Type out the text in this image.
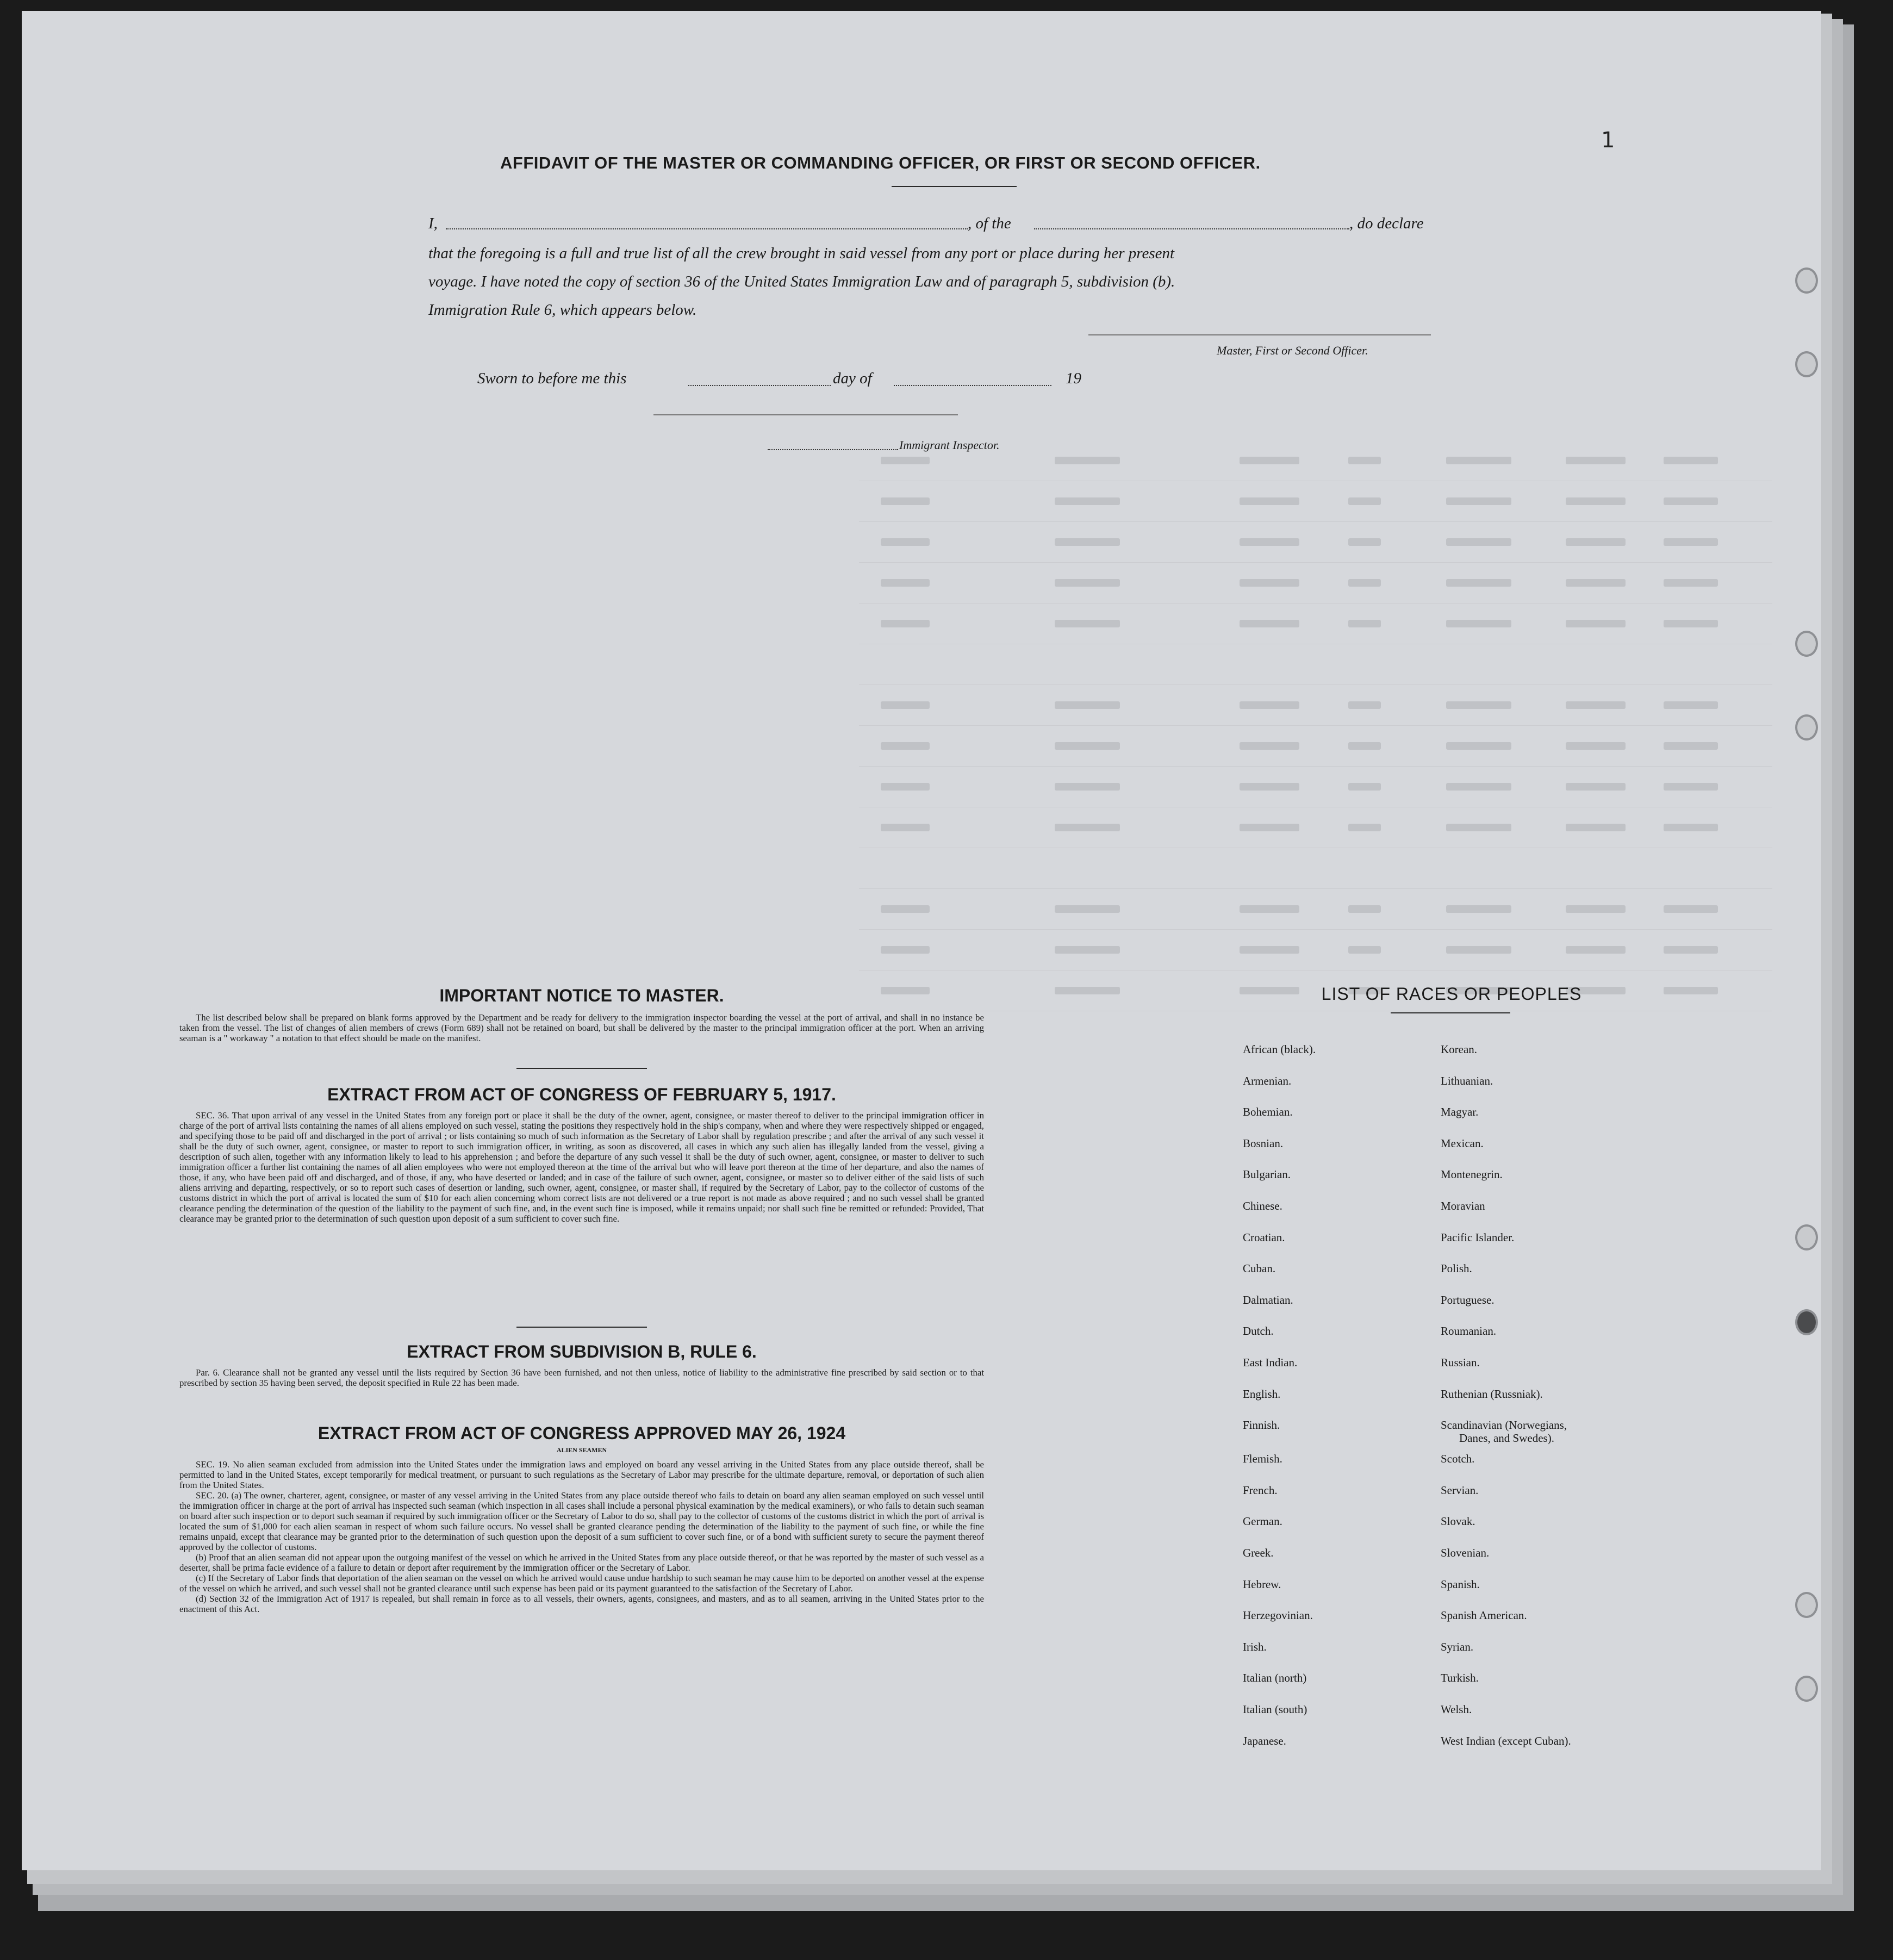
1
AFFIDAVIT OF THE MASTER OR COMMANDING OFFICER, OR FIRST OR SECOND OFFICER.
I,	, of the	, do declare
that the foregoing is a full and true list of all the crew brought in said vessel from any port or place during her present
voyage. I have noted the copy of section 36 of the United States Immigration Law and of paragraph 5, subdivision (b).
Immigration Rule 6, which appears below.
Master, First or Second Officer.
Sworn to before me this	day of	19
Immigrant Inspector.
IMPORTANT NOTICE TO MASTER.

The list described below shall be prepared on blank forms approved by the Department and be ready for delivery to the immigration inspector boarding the vessel at the port of arrival, and shall in no instance be taken from the vessel. The list of changes of alien members of crews (Form 689) shall not be retained on board, but shall be delivered by the master to the principal immigration officer at the port. When an arriving seaman is a " workaway " a notation to that effect should be made on the manifest.

EXTRACT FROM ACT OF CONGRESS OF FEBRUARY 5, 1917.

SEC. 36. That upon arrival of any vessel in the United States from any foreign port or place it shall be the duty of the owner, agent, consignee, or master thereof to deliver to the principal immigration officer in charge of the port of arrival lists containing the names of all aliens employed on such vessel, stating the positions they respectively hold in the ship's company, when and where they were respectively shipped or engaged, and specifying those to be paid off and discharged in the port of arrival ; or lists containing so much of such information as the Secretary of Labor shall by regulation prescribe ; and after the arrival of any such vessel it shall be the duty of such owner, agent, consignee, or master to report to such immigration officer, in writing, as soon as discovered, all cases in which any such alien has illegally landed from the vessel, giving a description of such alien, together with any information likely to lead to his apprehension ; and before the departure of any such vessel it shall be the duty of such owner, agent, consignee, or master to deliver to such immigration officer a further list containing the names of all alien employees who were not employed thereon at the time of the arrival but who will leave port thereon at the time of her departure, and also the names of those, if any, who have been paid off and discharged, and of those, if any, who have deserted or landed; and in case of the failure of such owner, agent, consignee, or master so to deliver either of the said lists of such aliens arriving and departing, respectively, or so to report such cases of desertion or landing, such owner, agent, consignee, or master shall, if required by the Secretary of Labor, pay to the collector of customs of the customs district in which the port of arrival is located the sum of $10 for each alien concerning whom correct lists are not delivered or a true report is not made as above required ; and no such vessel shall be granted clearance pending the determination of the question of the liability to the payment of such fine, and, in the event such fine is imposed, while it remains unpaid; nor shall such fine be remitted or refunded: Provided, That clearance may be granted prior to the determination of such question upon deposit of a sum sufficient to cover such fine.

EXTRACT FROM SUBDIVISION B, RULE 6.

Par. 6. Clearance shall not be granted any vessel until the lists required by Section 36 have been furnished, and not then unless, notice of liability to the administrative fine prescribed by said section or to that prescribed by section 35 having been served, the deposit specified in Rule 22 has been made.

EXTRACT FROM ACT OF CONGRESS APPROVED MAY 26, 1924
ALIEN SEAMEN

SEC. 19. No alien seaman excluded from admission into the United States under the immigration laws and employed on board any vessel arriving in the United States from any place outside thereof, shall be permitted to land in the United States, except temporarily for medical treatment, or pursuant to such regulations as the Secretary of Labor may prescribe for the ultimate departure, removal, or deportation of such alien from the United States.

SEC. 20. (a) The owner, charterer, agent, consignee, or master of any vessel arriving in the United States from any place outside thereof who fails to detain on board any alien seaman employed on such vessel until the immigration officer in charge at the port of arrival has inspected such seaman (which inspection in all cases shall include a personal physical examination by the medical examiners), or who fails to detain such seaman on board after such inspection or to deport such seaman if required by such immigration officer or the Secretary of Labor to do so, shall pay to the collector of customs of the customs district in which the port of arrival is located the sum of $1,000 for each alien seaman in respect of whom such failure occurs. No vessel shall be granted clearance pending the determination of the liability to the payment of such fine, or while the fine remains unpaid, except that clearance may be granted prior to the determination of such question upon the deposit of a sum sufficient to cover such fine, or of a bond with sufficient surety to secure the payment thereof approved by the collector of customs.

(b) Proof that an alien seaman did not appear upon the outgoing manifest of the vessel on which he arrived in the United States from any place outside thereof, or that he was reported by the master of such vessel as a deserter, shall be prima facie evidence of a failure to detain or deport after requirement by the immigration officer or the Secretary of Labor.

(c) If the Secretary of Labor finds that deportation of the alien seaman on the vessel on which he arrived would cause undue hardship to such seaman he may cause him to be deported on another vessel at the expense of the vessel on which he arrived, and such vessel shall not be granted clearance until such expense has been paid or its payment guaranteed to the satisfaction of the Secretary of Labor.

(d) Section 32 of the Immigration Act of 1917 is repealed, but shall remain in force as to all vessels, their owners, agents, consignees, and masters, and as to all seamen, arriving in the United States prior to the enactment of this Act.

LIST OF RACES OR PEOPLES
African (black).
Armenian.
Bohemian.
Bosnian.
Bulgarian.
Chinese.
Croatian.
Cuban.
Dalmatian.
Dutch.
East Indian.
English.
Finnish.
Flemish.
French.
German.
Greek.
Hebrew.
Herzegovinian.
Irish.
Italian (north)
Italian (south)
Japanese.
Korean.
Lithuanian.
Magyar.
Mexican.
Montenegrin.
Moravian
Pacific Islander.
Polish.
Portuguese.
Roumanian.
Russian.
Ruthenian (Russniak).
Scandinavian (Norwegians,
Danes, and Swedes).
Scotch.
Servian.
Slovak.
Slovenian.
Spanish.
Spanish American.
Syrian.
Turkish.
Welsh.
West Indian (except Cuban).
